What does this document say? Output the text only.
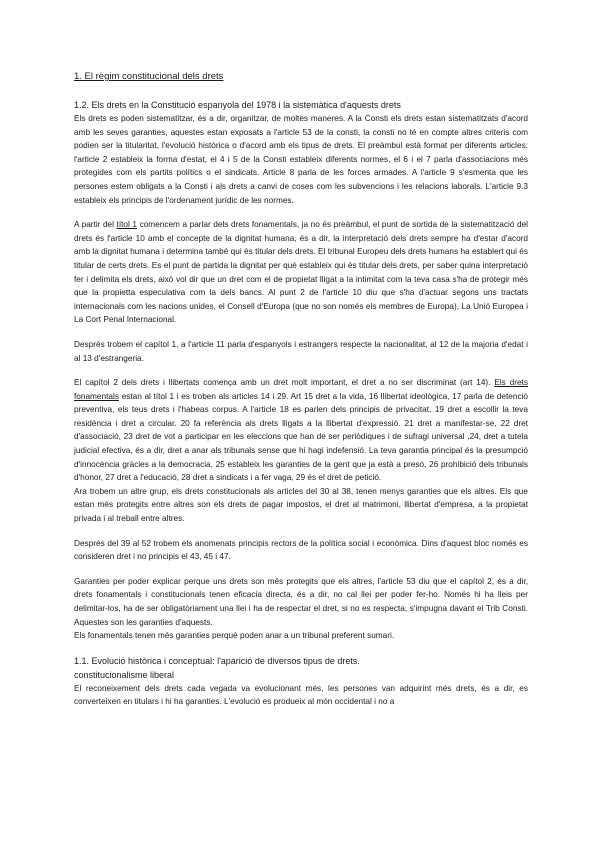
1. El règim constitucional dels drets
1.2. Els drets en la Constitució espanyola del 1978 i la sistemàtica d'aquests drets

Els drets es poden sistematitzar, és a dir, organitzar, de moltes maneres. A la Consti els drets estan sistematitzats d'acord amb les seves garanties, aquestes estan exposats a l'article 53 de la consti, la consti no té en compte altres criteris com podien ser la titularitat, l'evolució històrica o d'acord amb els tipus de drets. El preàmbul està format per diferents articles: l'article 2 estableix la forma d'estat, el 4 i 5 de la Consti estableix diferents normes, el 6 i el 7 parla d'associacions més protegides com els partits polítics o el sindicats. Article 8 parla de les forces armades. A l'article 9 s'esmenta que les persones estem obligats a la Consti i als drets a canvi de coses com les subvencions i les relacions laborals. L'article 9.3 estableix els principis de l'ordenament jurídic de les normes.

A partir del títol 1 comencem a parlar dels drets fonamentals, ja no és preàmbul, el punt de sortida de la sistematització del drets és l'article 10 amb el concepte de la dignitat humana, és a dir, la interpretació dels drets sempre ha d'estar d'acord amb la dignitat humana i determina també qui és titular dels drets. El tribunal Europeu dels drets humans ha establert qui és titular de certs drets. Es el punt de partida la dignitat per què estableix qui és titular dels drets, per saber quina interpretació fer i delimita els drets, això vol dir que un dret com el de propietat lligat a la intimitat com la teva casa s'ha de protegir més que la propietta especulativa com la dels bancs. Al punt 2 de l'article 10 diu que s'ha d'actuar segons uns tractats internacionals com les nacions unides, el Consell d'Europa (que no son només els membres de Europa), La Unió Europea i La Cort Penal Internacional.

Després trobem el capítol 1, a l'article 11 parla d'espanyols i estrangers respecte la nacionalitat, al 12 de la majoria d'edat i al 13 d'estrangeria.

El capítol 2 dels drets i llibertats comença amb un dret molt important, el dret a no ser discriminat (art 14). Els drets fonamentals estan al títol 1 i es troben als articles 14 i 29. Art 15 dret a la vida, 16 llibertat ideològica, 17 parla de detenció preventiva, els teus drets i l'habeas corpus. A l'article 18 es parlen dels principis de privacitat, 19 dret a escollir la teva residència i dret a circular. 20 fa referència als drets lligats a la llibertat d'expressió. 21 dret a manifestar-se, 22 dret d'associació, 23 dret de vot a participar en les eleccions que han de ser periòdiques i de sufragi universal ,24, dret a tutela judicial efectiva, és a dir, dret a anar als tribunals sense que hi hagi indefensió. La teva garantia principal és la presumpció d'innocència gràcies a la democracia, 25 estableix les garanties de la gent que ja està a presó, 26 prohibició dels tribunals d'honor, 27 dret a l'educació, 28 dret a sindicats i a fer vaga, 29 és el dret de petició.

Ara trobem un altre grup, els drets constitucionals als articles del 30 al 38, tenen menys garanties que els altres. Els que estan més protegits entre altres son els drets de pagar impostos, el dret al matrimoni, llibertat d'empresa, a la propietat privada i al treball entre altres.

Després del 39 al 52 trobem els anomenats principis rectors de la política social i econòmica. Dins d'aquest bloc només es consideren dret i no principis el 43, 45 i 47.

Garanties per poder explicar perque uns drets son més protegits que els altres, l'article 53 diu que el capítol 2, és a dir, drets fonamentals i constitucionals tenen eficacia directa, és a dir, no cal llei per poder fer-ho. Només hi ha lleis per delimitar-los, ha de ser obligatòriament una llei i ha de respectar el dret, si no es respecta, s'impugna davant el Trib Consti. Aquestes son les garanties d'aquests.

Els fonamentals tenen més garanties perquè poden anar a un tribunal preferent sumari.

1.1. Evolució històrica i conceptual: l'aparició de diversos tipus de drets.
constitucionalisme liberal

El reconeixement dels drets cada vegada va evolucionant més, les persones van adquirint més drets, és a dir, es converteixen en titulars i hi ha garanties. L'evolució es produeix al món occidental i no a
